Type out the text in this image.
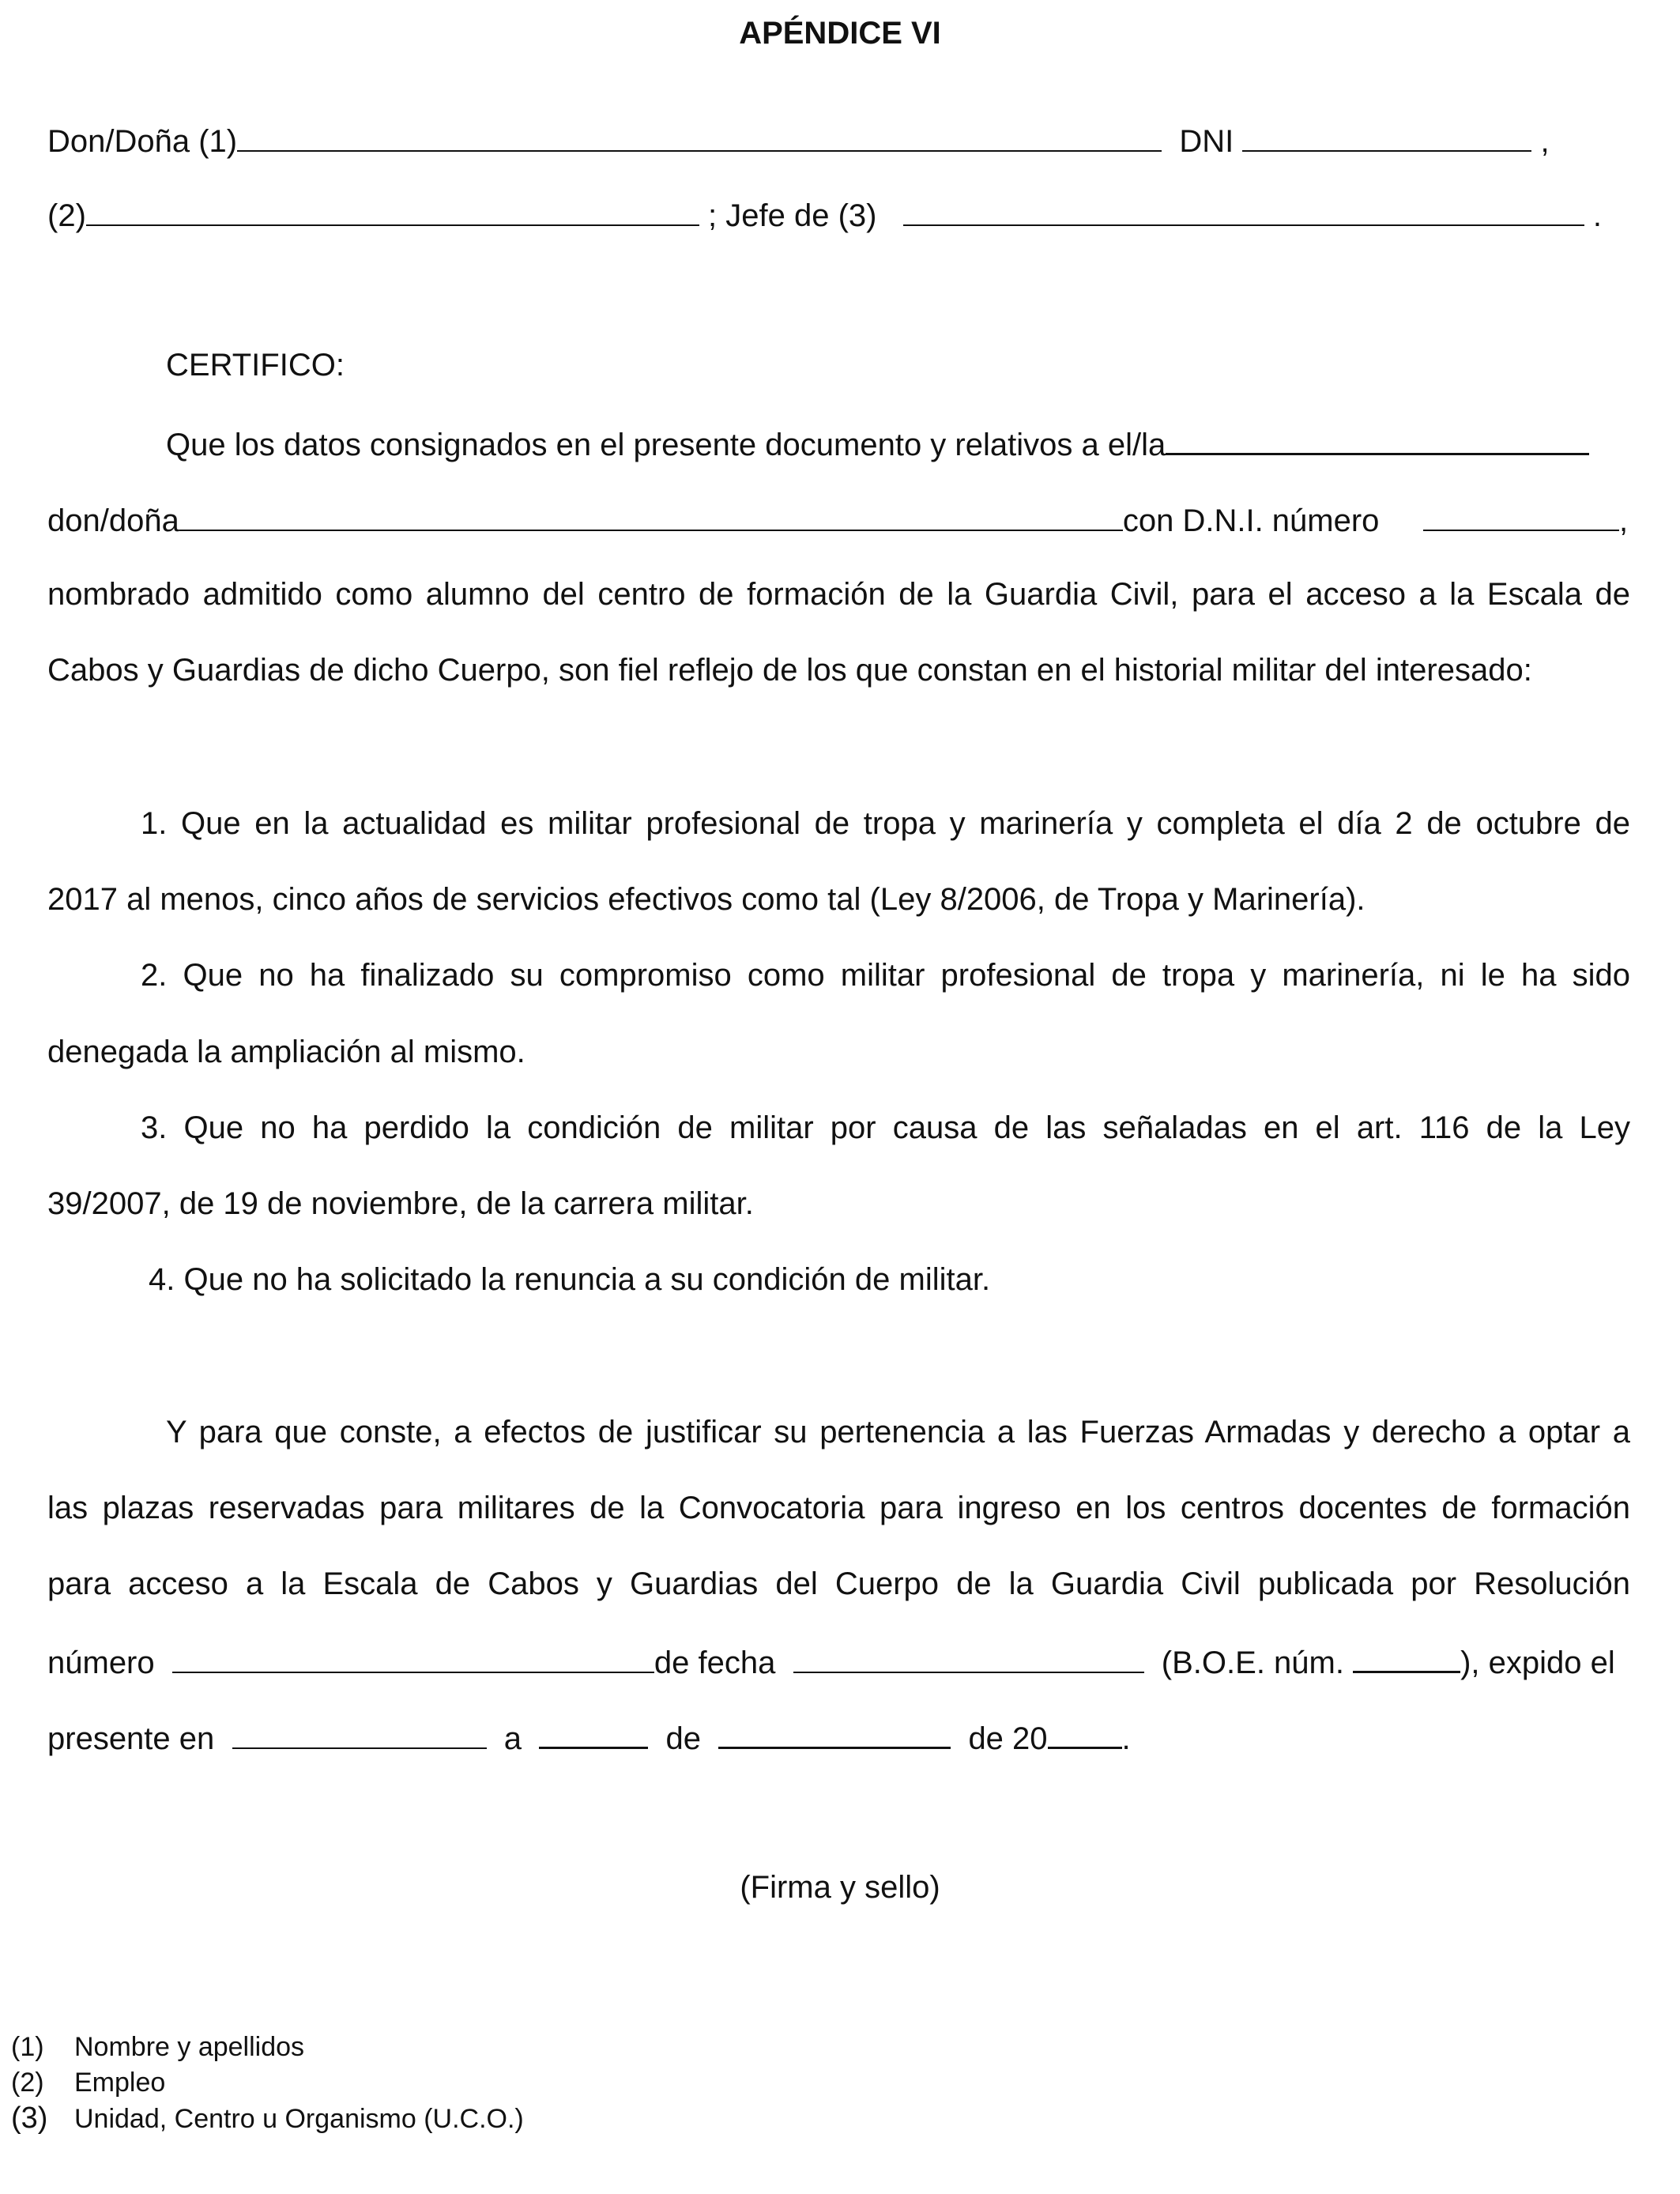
APÉNDICE VI
Don/Doña (1)	DNI	,
(2)	; Jefe de (3)	.
CERTIFICO:
Que los datos consignados en el presente documento y relativos a el/la
don/doña	con D.N.I. número	,
nombrado admitido como alumno del centro de formación de la Guardia Civil, para el acceso a la Escala de
Cabos y Guardias de dicho Cuerpo, son fiel reflejo de los que constan en el historial militar del interesado:
1. Que en la actualidad es militar profesional de tropa y marinería y completa el día 2 de octubre de
2017 al menos, cinco años de servicios efectivos como tal (Ley 8/2006, de Tropa y Marinería).
2. Que no ha finalizado su compromiso como militar profesional de tropa y marinería, ni le ha sido
denegada la ampliación al mismo.
3. Que no ha perdido la condición de militar por causa de las señaladas en el art. 116 de la Ley
39/2007, de 19 de noviembre, de la carrera militar.
4. Que no ha solicitado la renuncia a su condición de militar.
Y para que conste, a efectos de justificar su pertenencia a las Fuerzas Armadas y derecho a optar a
las plazas reservadas para militares de la Convocatoria para ingreso en los centros docentes de formación
para acceso a la Escala de Cabos y Guardias del Cuerpo de la Guardia Civil publicada por Resolución
número	de fecha	(B.O.E. núm.	), expido el
presente en	a	de	de 20 .
(Firma y sello)
(1) Nombre y apellidos
(2) Empleo
(3) Unidad, Centro u Organismo (U.C.O.)
